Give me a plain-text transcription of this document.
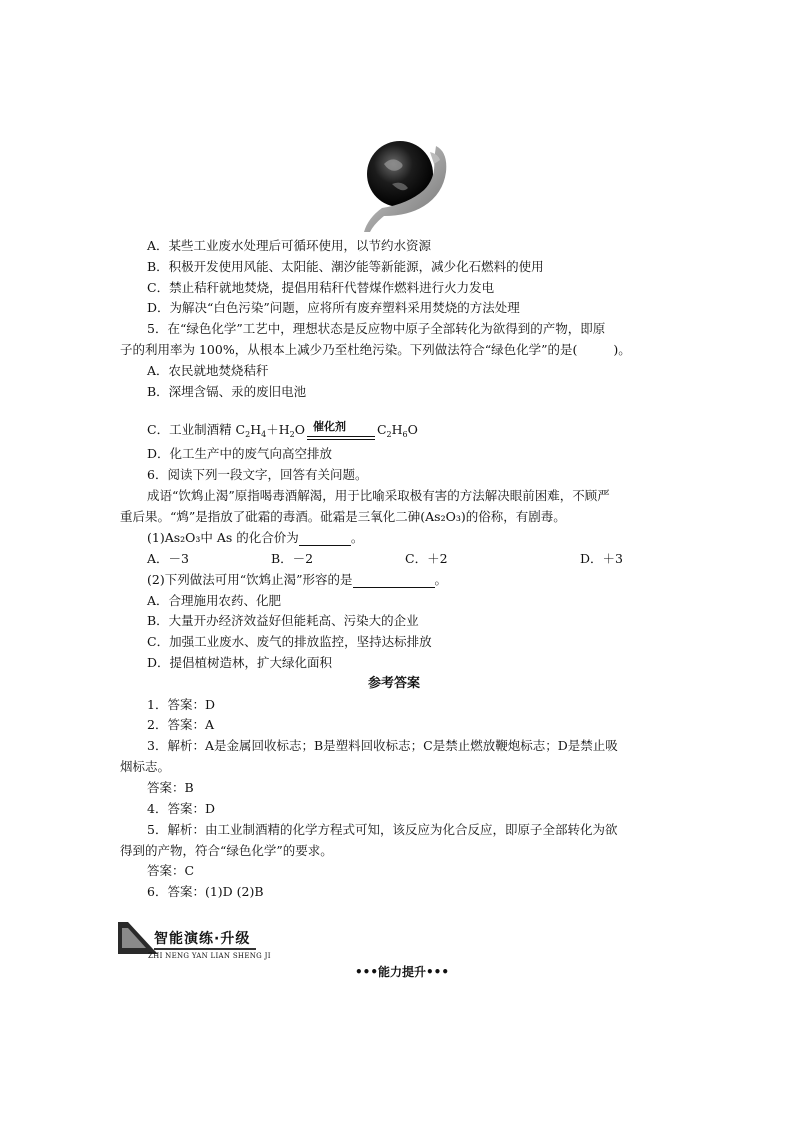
A．某些工业废水处理后可循环使用，以节约水资源
B．积极开发使用风能、太阳能、潮汐能等新能源，减少化石燃料的使用
C．禁止秸秆就地焚烧，提倡用秸秆代替煤作燃料进行火力发电
D．为解决“白色污染”问题，应将所有废弃塑料采用焚烧的方法处理
5．在“绿色化学”工艺中，理想状态是反应物中原子全部转化为欲得到的产物，即原
子的利用率为 100%，从根本上减少乃至杜绝污染。下列做法符合“绿色化学”的是(	)。
A．农民就地焚烧秸秆
B．深埋含镉、汞的废旧电池
C．工业制酒精 $C_2H_4+H_2O$ 催化剂 $C_2H_6O$
D．化工生产中的废气向高空排放
6．阅读下列一段文字，回答有关问题。
成语“饮鸩止渴”原指喝毒酒解渴，用于比喻采取极有害的方法解决眼前困难，不顾严
重后果。“鸩”是指放了砒霜的毒酒。砒霜是三氧化二砷(As₂O₃)的俗称，有剧毒。
(1)As₂O₃中 As 的化合价为	。
A．－3	B．－2	C．＋2	D．＋3
(2)下列做法可用“饮鸩止渴”形容的是	。
A．合理施用农药、化肥
B．大量开办经济效益好但能耗高、污染大的企业
C．加强工业废水、废气的排放监控，坚持达标排放
D．提倡植树造林，扩大绿化面积
参考答案
1．答案：D
2．答案：A
3．解析：A是金属回收标志；B是塑料回收标志；C是禁止燃放鞭炮标志；D是禁止吸
烟标志。
答案：B
4．答案：D
5．解析：由工业制酒精的化学方程式可知，该反应为化合反应，即原子全部转化为欲
得到的产物，符合“绿色化学”的要求。
答案：C
6．答案：(1)D (2)B
智能演练·升级
ZHI NENG YAN LIAN SHENG JI
•••能力提升•••
